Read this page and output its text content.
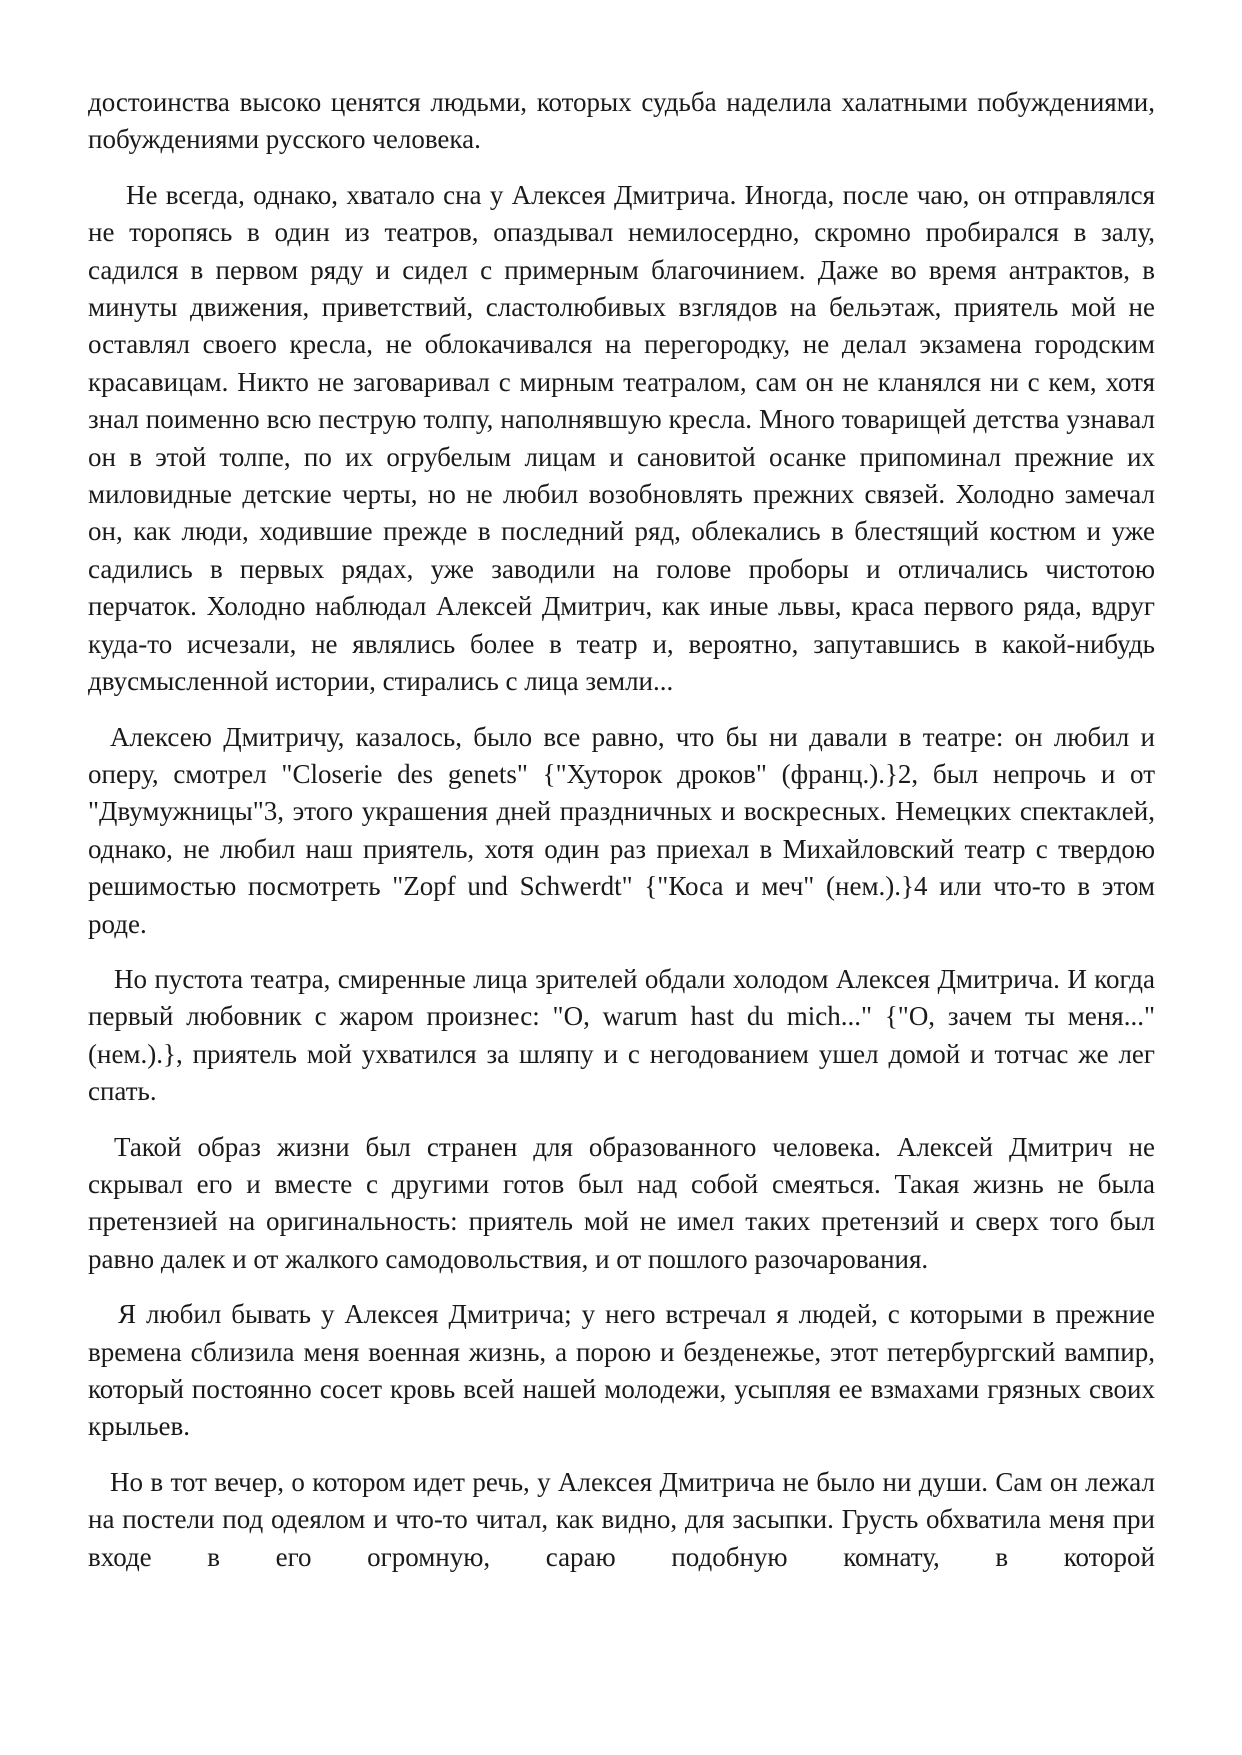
достоинства высоко ценятся людьми, которых судьба наделила халатными побуждениями, побуждениями русского человека.

Не всегда, однако, хватало сна у Алексея Дмитрича. Иногда, после чаю, он отправлялся не торопясь в один из театров, опаздывал немилосердно, скромно пробирался в залу, садился в первом ряду и сидел с примерным благочинием. Даже во время антрактов, в минуты движения, приветствий, сластолюбивых взглядов на бельэтаж, приятель мой не оставлял своего кресла, не облокачивался на перегородку, не делал экзамена городским красавицам. Никто не заговаривал с мирным театралом, сам он не кланялся ни с кем, хотя знал поименно всю пеструю толпу, наполнявшую кресла. Много товарищей детства узнавал он в этой толпе, по их огрубелым лицам и сановитой осанке припоминал прежние их миловидные детские черты, но не любил возобновлять прежних связей. Холодно замечал он, как люди, ходившие прежде в последний ряд, облекались в блестящий костюм и уже садились в первых рядах, уже заводили на голове проборы и отличались чистотою перчаток. Холодно наблюдал Алексей Дмитрич, как иные львы, краса первого ряда, вдруг куда-то исчезали, не являлись более в театр и, вероятно, запутавшись в какой-нибудь двусмысленной истории, стирались с лица земли...

Алексею Дмитричу, казалось, было все равно, что бы ни давали в театре: он любил и оперу, смотрел "Closerie des genets" {"Хуторок дроков" (франц.).}2, был непрочь и от "Двумужницы"3, этого украшения дней праздничных и воскресных. Немецких спектаклей, однако, не любил наш приятель, хотя один раз приехал в Михайловский театр с твердою решимостью посмотреть "Zopf und Schwerdt" {"Коса и меч" (нем.).}4 или что-то в этом роде.

Но пустота театра, смиренные лица зрителей обдали холодом Алексея Дмитрича. И когда первый любовник с жаром произнес: "O, warum hast du mich..." {"О, зачем ты меня..." (нем.).}, приятель мой ухватился за шляпу и с негодованием ушел домой и тотчас же лег спать.

Такой образ жизни был странен для образованного человека. Алексей Дмитрич не скрывал его и вместе с другими готов был над собой смеяться. Такая жизнь не была претензией на оригинальность: приятель мой не имел таких претензий и сверх того был равно далек и от жалкого самодовольствия, и от пошлого разочарования.

Я любил бывать у Алексея Дмитрича; у него встречал я людей, с которыми в прежние времена сблизила меня военная жизнь, а порою и безденежье, этот петербургский вампир, который постоянно сосет кровь всей нашей молодежи, усыпляя ее взмахами грязных своих крыльев.

Но в тот вечер, о котором идет речь, у Алексея Дмитрича не было ни души. Сам он лежал на постели под одеялом и что-то читал, как видно, для засыпки. Грусть обхватила меня при входе в его огромную, сараю подобную комнату, в которой
